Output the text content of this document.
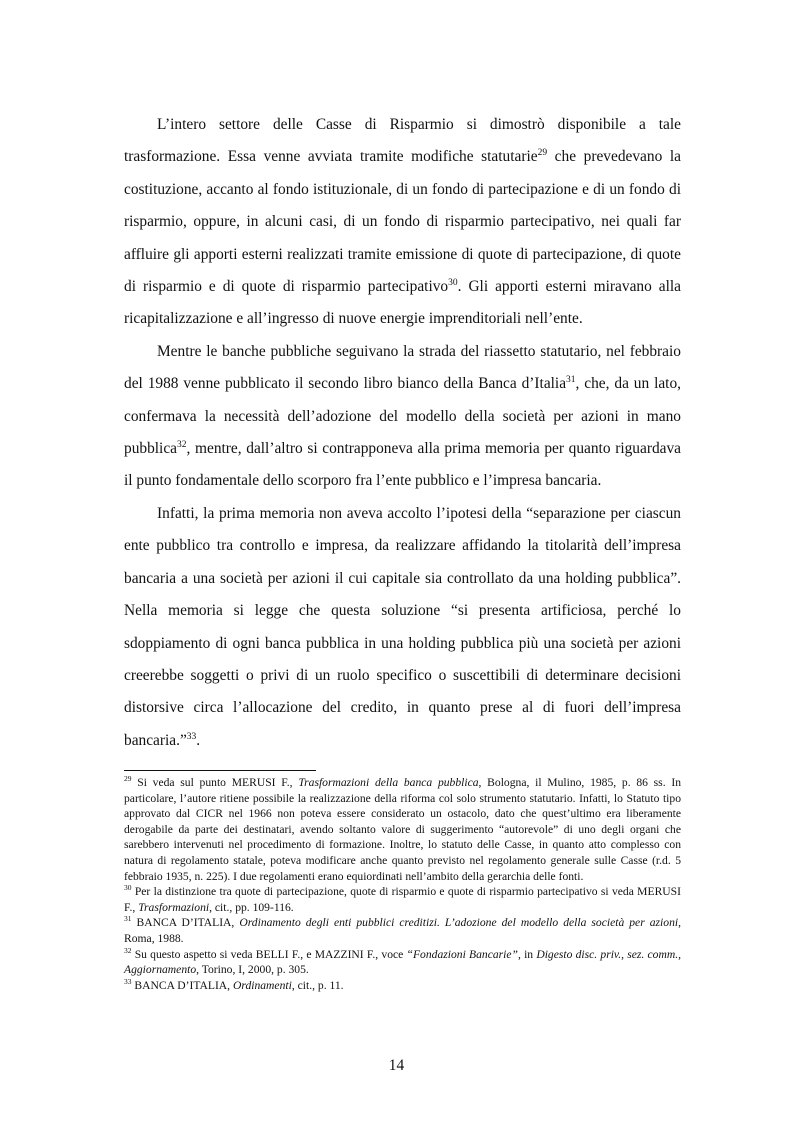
L’intero settore delle Casse di Risparmio si dimostrò disponibile a tale trasformazione. Essa venne avviata tramite modifiche statutarie$^{29}$ che prevedevano la costituzione, accanto al fondo istituzionale, di un fondo di partecipazione e di un fondo di risparmio, oppure, in alcuni casi, di un fondo di risparmio partecipativo, nei quali far affluire gli apporti esterni realizzati tramite emissione di quote di partecipazione, di quote di risparmio e di quote di risparmio partecipativo$^{30}$. Gli apporti esterni miravano alla ricapitalizzazione e all’ingresso di nuove energie imprenditoriali nell’ente.

Mentre le banche pubbliche seguivano la strada del riassetto statutario, nel febbraio del 1988 venne pubblicato il secondo libro bianco della Banca d’Italia$^{31}$, che, da un lato, confermava la necessità dell’adozione del modello della società per azioni in mano pubblica$^{32}$, mentre, dall’altro si contrapponeva alla prima memoria per quanto riguardava il punto fondamentale dello scorporo fra l’ente pubblico e l’impresa bancaria.

Infatti, la prima memoria non aveva accolto l’ipotesi della “separazione per ciascun ente pubblico tra controllo e impresa, da realizzare affidando la titolarità dell’impresa bancaria a una società per azioni il cui capitale sia controllato da una holding pubblica”. Nella memoria si legge che questa soluzione “si presenta artificiosa, perché lo sdoppiamento di ogni banca pubblica in una holding pubblica più una società per azioni creerebbe soggetti o privi di un ruolo specifico o suscettibili di determinare decisioni distorsive circa l’allocazione del credito, in quanto prese al di fuori dell’impresa bancaria.”$^{33}$.

$^{29}$ Si veda sul punto MERUSI F., Trasformazioni della banca pubblica, Bologna, il Mulino, 1985, p. 86 ss. In particolare, l’autore ritiene possibile la realizzazione della riforma col solo strumento statutario. Infatti, lo Statuto tipo approvato dal CICR nel 1966 non poteva essere considerato un ostacolo, dato che quest’ultimo era liberamente derogabile da parte dei destinatari, avendo soltanto valore di suggerimento “autorevole” di uno degli organi che sarebbero intervenuti nel procedimento di formazione. Inoltre, lo statuto delle Casse, in quanto atto complesso con natura di regolamento statale, poteva modificare anche quanto previsto nel regolamento generale sulle Casse (r.d. 5 febbraio 1935, n. 225). I due regolamenti erano equiordinati nell’ambito della gerarchia delle fonti.

$^{30}$ Per la distinzione tra quote di partecipazione, quote di risparmio e quote di risparmio partecipativo si veda MERUSI F., Trasformazioni, cit., pp. 109-116.

$^{31}$ BANCA D’ITALIA, Ordinamento degli enti pubblici creditizi. L’adozione del modello della società per azioni, Roma, 1988.

$^{32}$ Su questo aspetto si veda BELLI F., e MAZZINI F., voce “Fondazioni Bancarie”, in Digesto disc. priv., sez. comm., Aggiornamento, Torino, I, 2000, p. 305.

$^{33}$ BANCA D’ITALIA, Ordinamenti, cit., p. 11.

14
